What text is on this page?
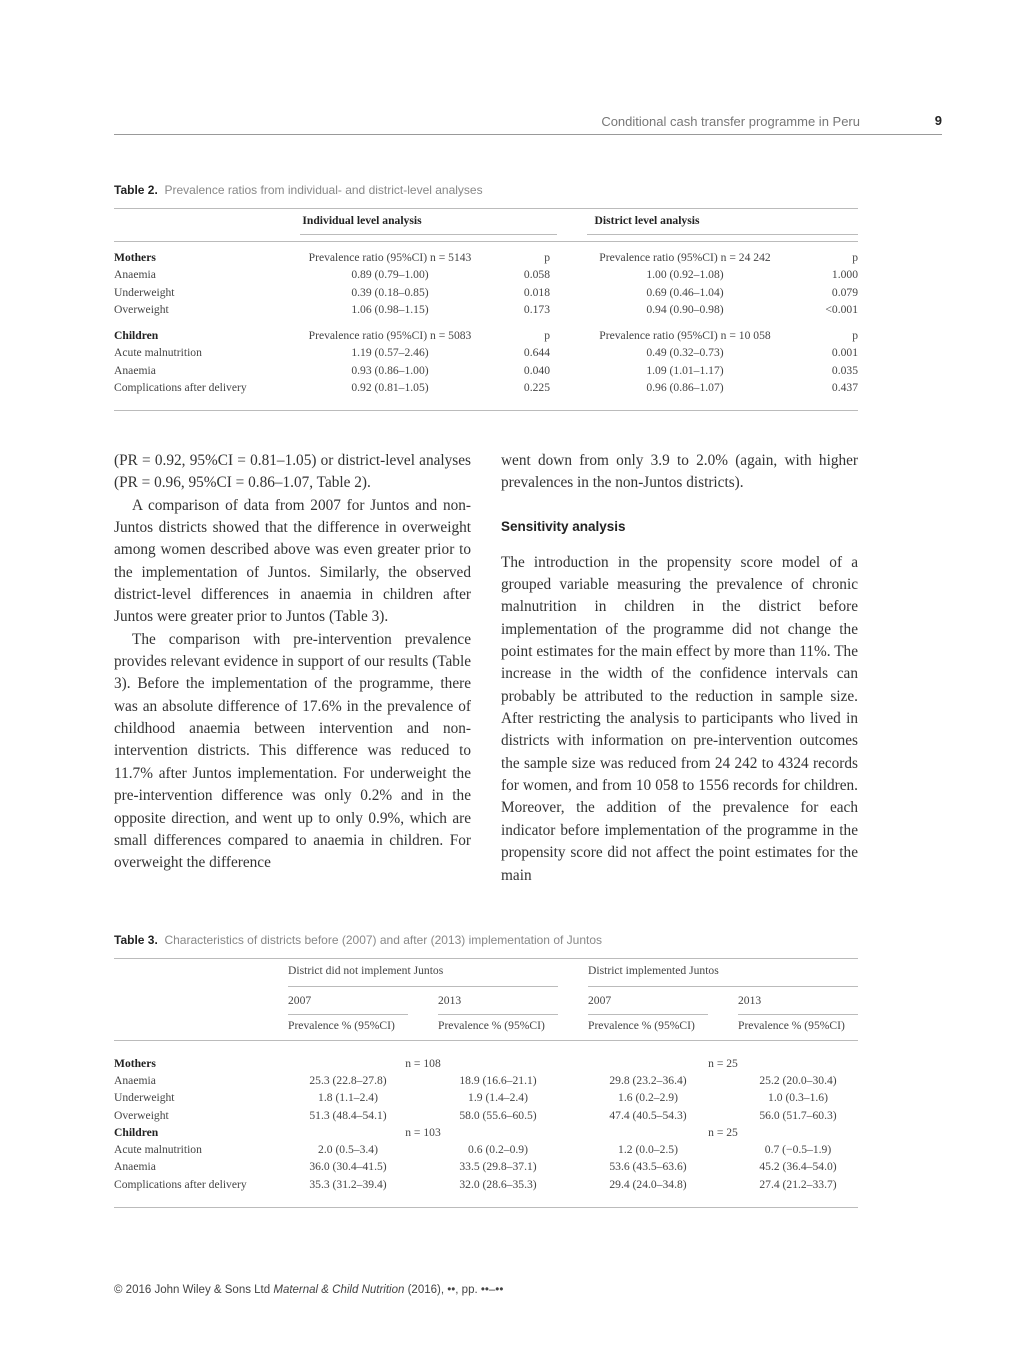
Conditional cash transfer programme in Peru	9
Table 2. Prevalence ratios from individual- and district-level analyses
Individual level analysis	District level analysis
Mothers	Prevalence ratio (95%CI) n = 5143	p	Prevalence ratio (95%CI) n = 24 242	p
Anaemia	0.89 (0.79–1.00)	0.058	1.00 (0.92–1.08)	1.000
Underweight	0.39 (0.18–0.85)	0.018	0.69 (0.46–1.04)	0.079
Overweight	1.06 (0.98–1.15)	0.173	0.94 (0.90–0.98)	<0.001
Children	Prevalence ratio (95%CI) n = 5083	p	Prevalence ratio (95%CI) n = 10 058	p
Acute malnutrition	1.19 (0.57–2.46)	0.644	0.49 (0.32–0.73)	0.001
Anaemia	0.93 (0.86–1.00)	0.040	1.09 (1.01–1.17)	0.035
Complications after delivery	0.92 (0.81–1.05)	0.225	0.96 (0.86–1.07)	0.437

(PR = 0.92, 95%CI = 0.81–1.05) or district-level analyses (PR = 0.96, 95%CI = 0.86–1.07, Table 2).

A comparison of data from 2007 for Juntos and non-Juntos districts showed that the difference in overweight among women described above was even greater prior to the implementation of Juntos. Similarly, the observed district-level differences in anaemia in children after Juntos were greater prior to Juntos (Table 3).

The comparison with pre-intervention prevalence provides relevant evidence in support of our results (Table 3). Before the implementation of the programme, there was an absolute difference of 17.6% in the prevalence of childhood anaemia between intervention and non-intervention districts. This difference was reduced to 11.7% after Juntos implementation. For underweight the pre-intervention difference was only 0.2% and in the opposite direction, and went up to only 0.9%, which are small differences compared to anaemia in children. For overweight the difference

went down from only 3.9 to 2.0% (again, with higher prevalences in the non-Juntos districts).

Sensitivity analysis

The introduction in the propensity score model of a grouped variable measuring the prevalence of chronic malnutrition in children in the district before implementation of the programme did not change the point estimates for the main effect by more than 11%. The increase in the width of the confidence intervals can probably be attributed to the reduction in sample size. After restricting the analysis to participants who lived in districts with information on pre-intervention outcomes the sample size was reduced from 24 242 to 4324 records for women, and from 10 058 to 1556 records for children. Moreover, the addition of the prevalence for each indicator before implementation of the programme in the propensity score did not affect the point estimates for the main

Table 3. Characteristics of districts before (2007) and after (2013) implementation of Juntos
District did not implement Juntos	District implemented Juntos
2007	2013	2007	2013
Prevalence % (95%CI)	Prevalence % (95%CI)	Prevalence % (95%CI)	Prevalence % (95%CI)
Mothers	n = 108	n = 25
Anaemia	25.3 (22.8–27.8)	18.9 (16.6–21.1)	29.8 (23.2–36.4)	25.2 (20.0–30.4)
Underweight	1.8 (1.1–2.4)	1.9 (1.4–2.4)	1.6 (0.2–2.9)	1.0 (0.3–1.6)
Overweight	51.3 (48.4–54.1)	58.0 (55.6–60.5)	47.4 (40.5–54.3)	56.0 (51.7–60.3)
Children	n = 103	n = 25
Acute malnutrition	2.0 (0.5–3.4)	0.6 (0.2–0.9)	1.2 (0.0–2.5)	0.7 (−0.5–1.9)
Anaemia	36.0 (30.4–41.5)	33.5 (29.8–37.1)	53.6 (43.5–63.6)	45.2 (36.4–54.0)
Complications after delivery	35.3 (31.2–39.4)	32.0 (28.6–35.3)	29.4 (24.0–34.8)	27.4 (21.2–33.7)
© 2016 John Wiley & Sons Ltd Maternal & Child Nutrition (2016), ••, pp. ••–••
